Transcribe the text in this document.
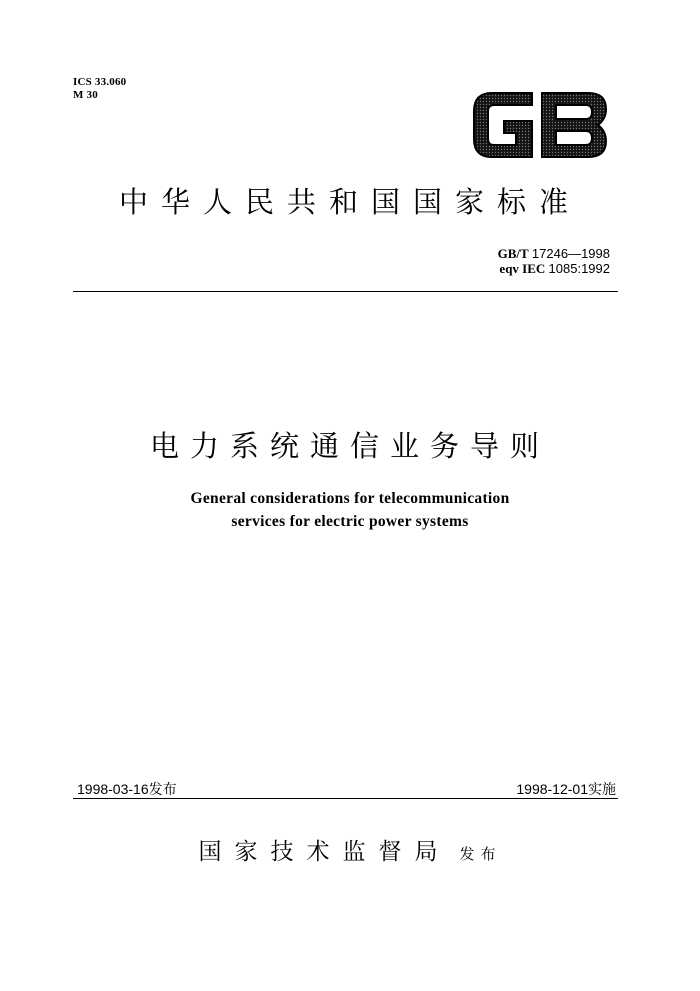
ICS 33.060
M 30
中华人民共和国国家标准
GB/T 17246—1998
eqv IEC 1085:1992
电力系统通信业务导则
General considerations for telecommunication
services for electric power systems
1998-03-16发布	1998-12-01实施
国家技术监督局 发布
